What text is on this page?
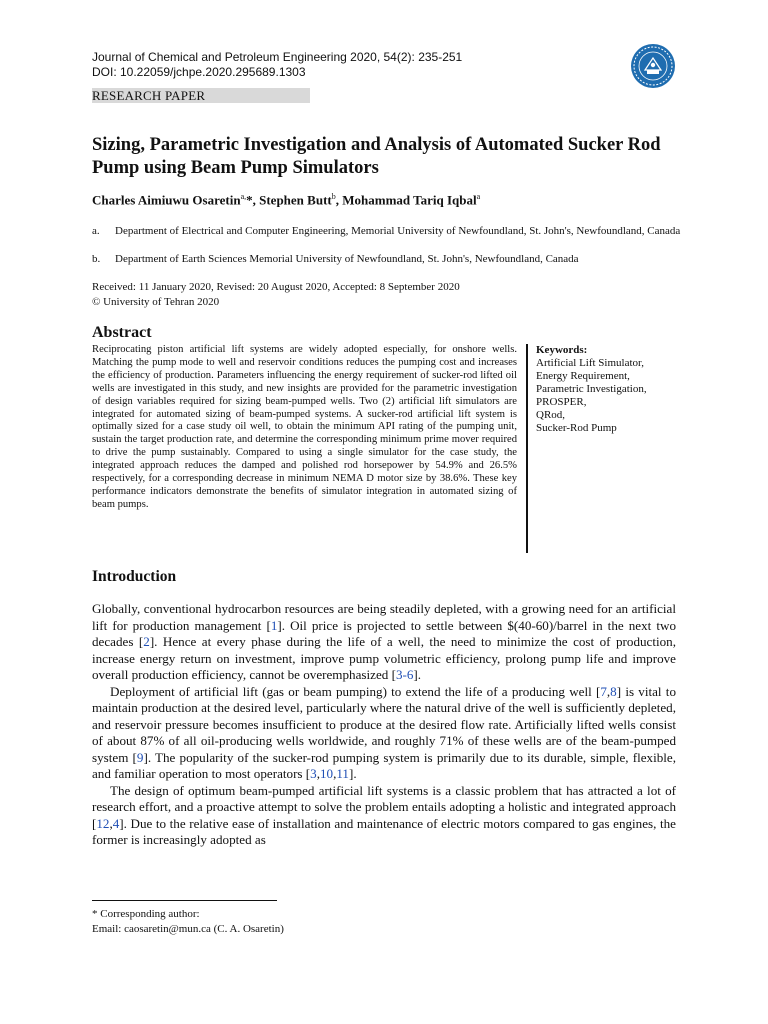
Journal of Chemical and Petroleum Engineering 2020, 54(2): 235-251
DOI: 10.22059/jchpe.2020.295689.1303
RESEARCH PAPER
Sizing, Parametric Investigation and Analysis of Automated Sucker Rod Pump using Beam Pump Simulators
Charles Aimiuwu Osaretin$^{a,}$*, Stephen Butt$^b$, Mohammad Tariq Iqbal$^a$
a. Department of Electrical and Computer Engineering, Memorial University of Newfoundland, St. John's, Newfoundland, Canada
b. Department of Earth Sciences Memorial University of Newfoundland, St. John's, Newfoundland, Canada
Received: 11 January 2020, Revised: 20 August 2020, Accepted: 8 September 2020
© University of Tehran 2020
Abstract
Reciprocating piston artificial lift systems are widely adopted especially, for onshore wells. Matching the pump mode to well and reservoir conditions reduces the pumping cost and increases the efficiency of production. Parameters influencing the energy requirement of sucker-rod lifted oil wells are investigated in this study, and new insights are provided for the parametric investigation of design variables required for sizing beam-pumped wells. Two (2) artificial lift simulators are integrated for automated sizing of beam-pumped systems. A sucker-rod artificial lift system is optimally sized for a case study oil well, to obtain the minimum API rating of the pumping unit, sustain the target production rate, and determine the corresponding minimum prime mover required to drive the pump sustainably. Compared to using a single simulator for the case study, the integrated approach reduces the damped and polished rod horsepower by 54.9% and 26.5% respectively, for a corresponding decrease in minimum NEMA D motor size by 38.6%. These key performance indicators demonstrate the benefits of simulator integration in automated sizing of beam pumps.
Keywords:
Artificial Lift Simulator,
Energy Requirement,
Parametric Investigation,
PROSPER,
QRod,
Sucker-Rod Pump
Introduction

Globally, conventional hydrocarbon resources are being steadily depleted, with a growing need for an artificial lift for production management [1]. Oil price is projected to settle between $(40-60)/barrel in the next two decades [2]. Hence at every phase during the life of a well, the need to minimize the cost of production, increase energy return on investment, improve pump volumetric efficiency, prolong pump life and improve overall production efficiency, cannot be overemphasized [3-6].

Deployment of artificial lift (gas or beam pumping) to extend the life of a producing well [7,8] is vital to maintain production at the desired level, particularly where the natural drive of the well is sufficiently depleted, and reservoir pressure becomes insufficient to produce at the desired flow rate. Artificially lifted wells consist of about 87% of all oil-producing wells worldwide, and roughly 71% of these wells are of the beam-pumped system [9]. The popularity of the sucker-rod pumping system is primarily due to its durable, simple, flexible, and familiar operation to most operators [3,10,11].

The design of optimum beam-pumped artificial lift systems is a classic problem that has attracted a lot of research effort, and a proactive attempt to solve the problem entails adopting a holistic and integrated approach [12,4]. Due to the relative ease of installation and maintenance of electric motors compared to gas engines, the former is increasingly adopted as

* Corresponding author:
Email: caosaretin@mun.ca (C. A. Osaretin)
